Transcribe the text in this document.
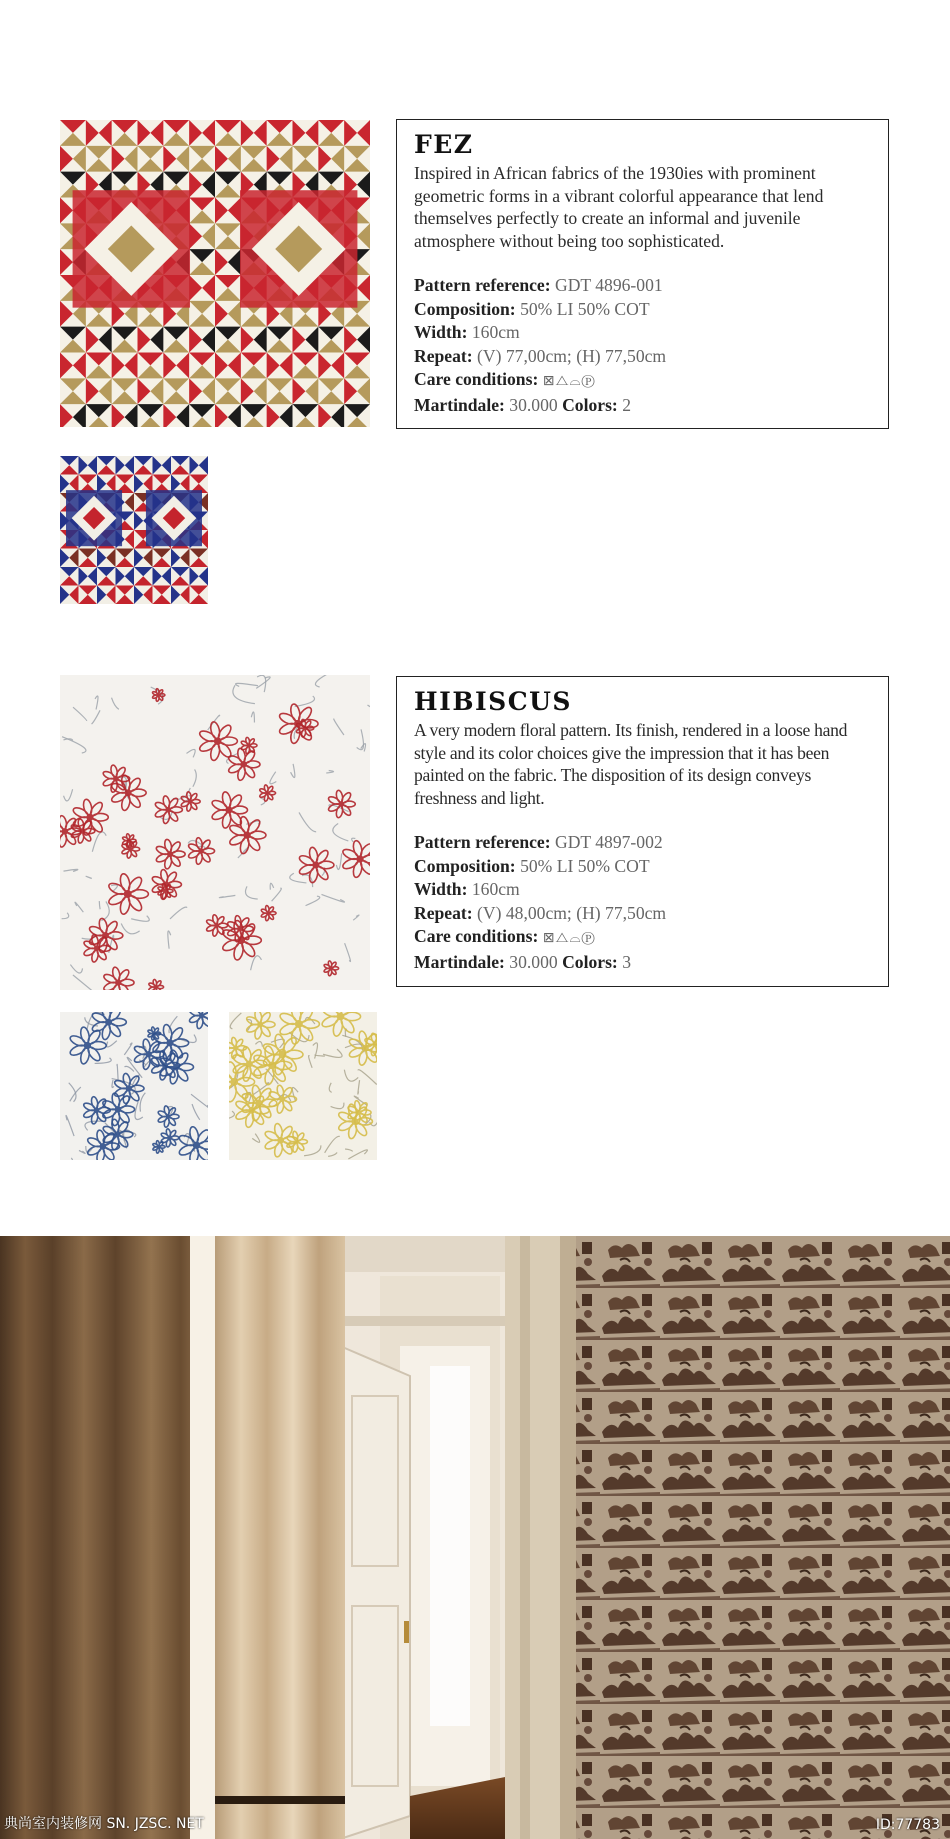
FEZ

Inspired in African fabrics of the 1930ies with prominent geometric forms in a vibrant colorful appearance that lend themselves perfectly to create an informal and juvenile atmosphere without being too sophisticated.

Pattern reference: GDT 4896-001
Composition: 50% LI 50% COT
Width: 160cm
Repeat: (V) 77,00cm; (H) 77,50cm
Care conditions: ⊠⧍⌓Ⓟ
Martindale: 30.000 Colors: 2
HIBISCUS

A very modern floral pattern. Its finish, rendered in a loose hand style and its color choices give the impression that it has been painted on the fabric. The disposition of its design conveys freshness and light.

Pattern reference: GDT 4897-002
Composition: 50% LI 50% COT
Width: 160cm
Repeat: (V) 48,00cm; (H) 77,50cm
Care conditions: ⊠⧍⌓Ⓟ
Martindale: 30.000 Colors: 3
典尚室内装修网 SN. JZSC. NET	ID:77783
